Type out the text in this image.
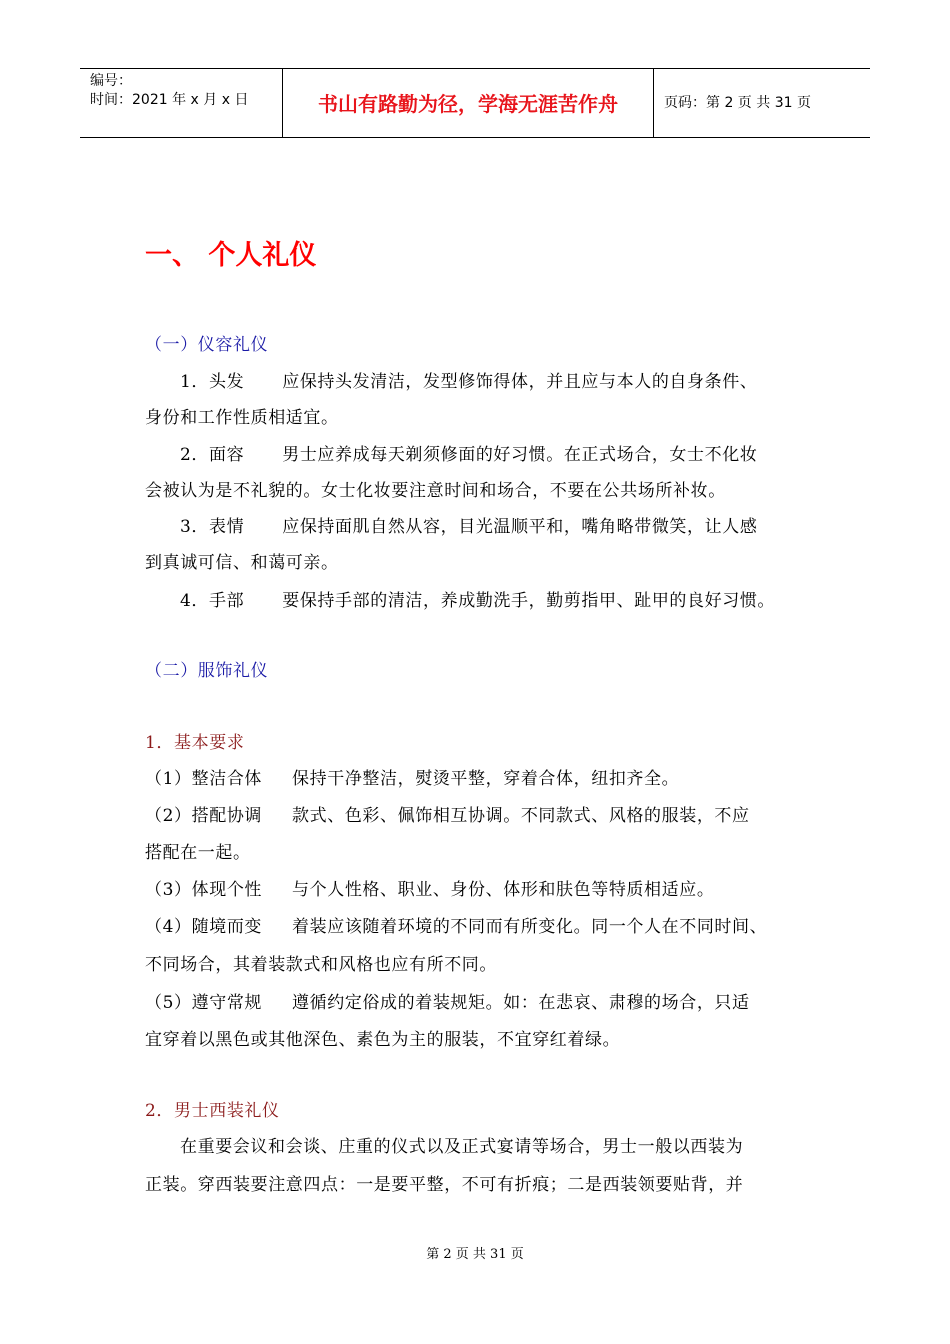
编号：
时间：2021 年 x 月 x 日	书山有路勤为径，学海无涯苦作舟	页码：第 2 页 共 31 页
一、 个人礼仪
（一）仪容礼仪
1．头发 应保持头发清洁，发型修饰得体，并且应与本人的自身条件、
身份和工作性质相适宜。
2．面容 男士应养成每天剃须修面的好习惯。在正式场合，女士不化妆
会被认为是不礼貌的。女士化妆要注意时间和场合，不要在公共场所补妆。
3．表情 应保持面肌自然从容，目光温顺平和，嘴角略带微笑，让人感
到真诚可信、和蔼可亲。
4．手部 要保持手部的清洁，养成勤洗手，勤剪指甲、趾甲的良好习惯。
（二）服饰礼仪
1．基本要求
（1）整洁合体 保持干净整洁，熨烫平整，穿着合体，纽扣齐全。
（2）搭配协调 款式、色彩、佩饰相互协调。不同款式、风格的服装，不应
搭配在一起。
（3）体现个性 与个人性格、职业、身份、体形和肤色等特质相适应。
（4）随境而变 着装应该随着环境的不同而有所变化。同一个人在不同时间、
不同场合，其着装款式和风格也应有所不同。
（5）遵守常规 遵循约定俗成的着装规矩。如：在悲哀、肃穆的场合，只适
宜穿着以黑色或其他深色、素色为主的服装，不宜穿红着绿。
2．男士西装礼仪
在重要会议和会谈、庄重的仪式以及正式宴请等场合，男士一般以西装为
正装。穿西装要注意四点：一是要平整，不可有折痕；二是西装领要贴背，并
第 2 页 共 31 页
